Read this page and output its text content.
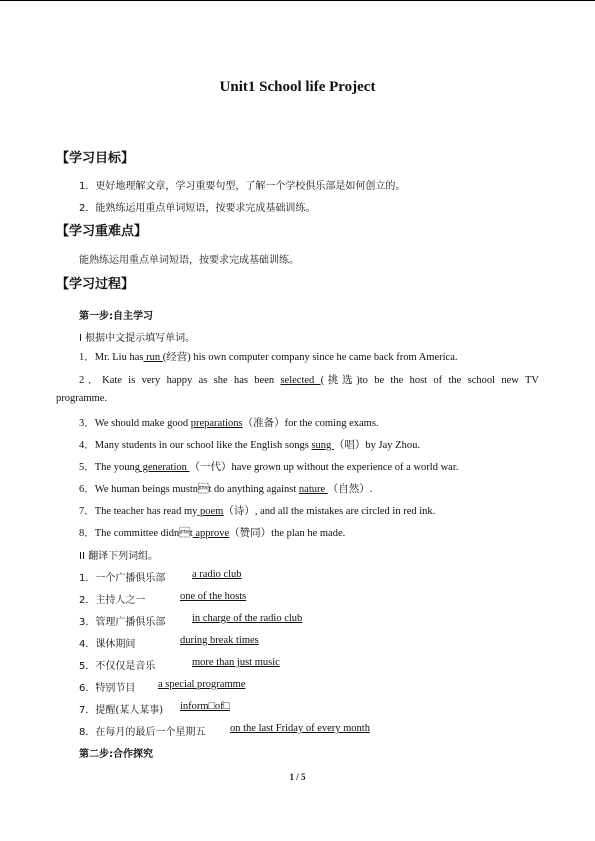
Unit1 School life Project
【学习目标】
1．更好地理解文章，学习重要句型，了解一个学校俱乐部是如何创立的。
2．能熟练运用重点单词短语，按要求完成基础训练。
【学习重难点】
能熟练运用重点单词短语，按要求完成基础训练。
【学习过程】
第一步:自主学习
I 根据中文提示填写单词。
1．Mr. Liu has run (经营) his own computer company since he came back from America.
2．Kate is very happy as she has been selected (挑选)to be the host of the school new TV
programme.
3．We should make good preparations（准备）for the coming exams.
4．Many students in our school like the English songs sung （唱）by Jay Zhou.
5．The young generation （一代）have grown up without the experience of a world war.
6．We human beings mustnt do anything against nature （自然）.
7．The teacher has read my poem（诗）, and all the mistakes are circled in red ink.
8．The committee didnt approve（赞同）the plan he made.
II 翻译下列词组。
1．一个广播俱乐部	a radio club
2．主持人之一	one of the hosts
3．管理广播俱乐部	in charge of the radio club
4．课休期间	during break times
5．不仅仅是音乐	more than just music
6．特别节目 a special programme
7．提醒(某人某事) inform□of□
8．在每月的最后一个星期五 on the last Friday of every month
第二步:合作探究
1 / 5
